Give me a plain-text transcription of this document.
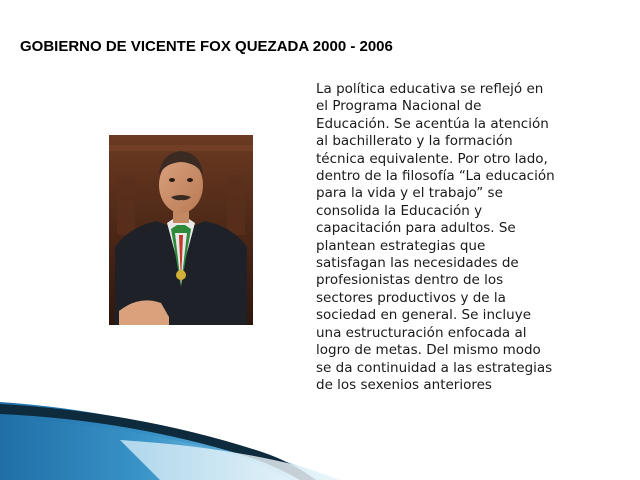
GOBIERNO DE VICENTE FOX QUEZADA 2000 - 2006
La política educativa se reflejó en
el Programa Nacional de
Educación. Se acentúa la atención
al bachillerato y la formación
técnica equivalente. Por otro lado,
dentro de la filosofía “La educación
para la vida y el trabajo” se
consolida la Educación y
capacitación para adultos. Se
plantean estrategias que
satisfagan las necesidades de
profesionistas dentro de los
sectores productivos y de la
sociedad en general. Se incluye
una estructuración enfocada al
logro de metas. Del mismo modo
se da continuidad a las estrategias
de los sexenios anteriores
